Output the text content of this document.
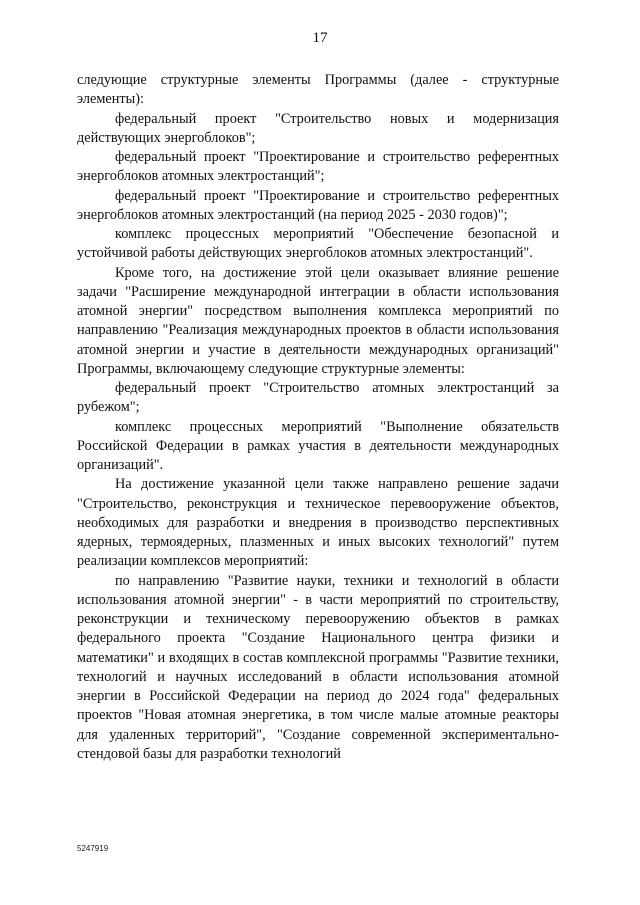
17

следующие структурные элементы Программы (далее - структурные элементы):

федеральный проект "Строительство новых и модернизация действующих энергоблоков";

федеральный проект "Проектирование и строительство референтных энергоблоков атомных электростанций";

федеральный проект "Проектирование и строительство референтных энергоблоков атомных электростанций (на период 2025 - 2030 годов)";

комплекс процессных мероприятий "Обеспечение безопасной и устойчивой работы действующих энергоблоков атомных электростанций".

Кроме того, на достижение этой цели оказывает влияние решение задачи "Расширение международной интеграции в области использования атомной энергии" посредством выполнения комплекса мероприятий по направлению "Реализация международных проектов в области использования атомной энергии и участие в деятельности международных организаций" Программы, включающему следующие структурные элементы:

федеральный проект "Строительство атомных электростанций за рубежом";

комплекс процессных мероприятий "Выполнение обязательств Российской Федерации в рамках участия в деятельности международных организаций".

На достижение указанной цели также направлено решение задачи "Строительство, реконструкция и техническое перевооружение объектов, необходимых для разработки и внедрения в производство перспективных ядерных, термоядерных, плазменных и иных высоких технологий" путем реализации комплексов мероприятий:

по направлению "Развитие науки, техники и технологий в области использования атомной энергии" - в части мероприятий по строительству, реконструкции и техническому перевооружению объектов в рамках федерального проекта "Создание Национального центра физики и математики" и входящих в состав комплексной программы "Развитие техники, технологий и научных исследований в области использования атомной энергии в Российской Федерации на период до 2024 года" федеральных проектов "Новая атомная энергетика, в том числе малые атомные реакторы для удаленных территорий", "Создание современной экспериментально-стендовой базы для разработки технологий

5247919
